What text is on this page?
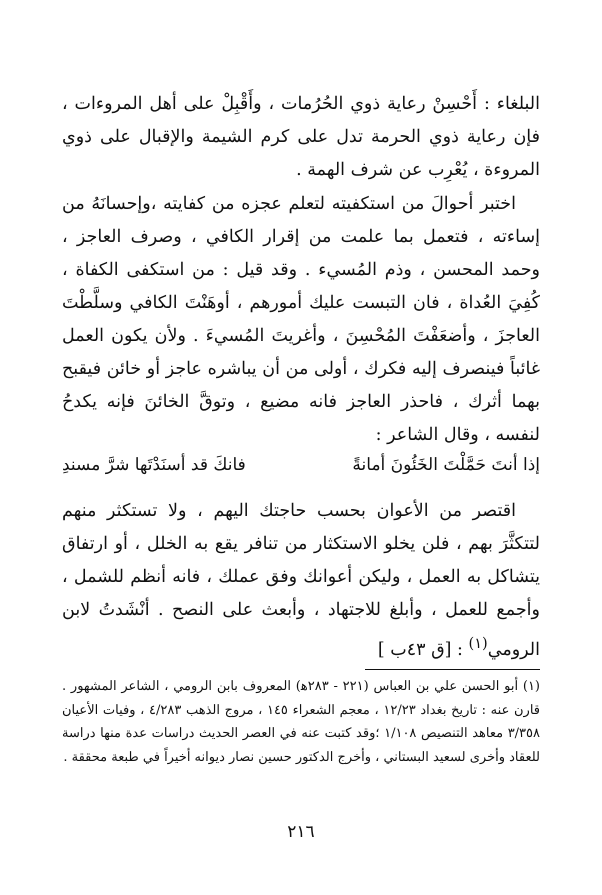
البلغاء : أَحْسِنْ رعاية ذوي الحُرُمات ، وأَقْبِلْ على أهل المروءات ، فإن رعاية ذوي الحرمة تدل على كرم الشيمة والإقبال على ذوي المروءة ، يُعْرِب عن شرف الهمة .

اختبر أحوالَ من استكفيته لتعلم عجزه من كفايته ،وإحسانَهُ من إساءته ، فتعمل بما علمت من إقرار الكافي ، وصرف العاجز ، وحمد المحسن ، وذم المُسيء . وقد قيل : من استكفى الكفاة ، كُفِيَ العُداة ، فان التبست عليك أمورهم ، أوهَنْتَ الكافي وسلَّطْتَ العاجزَ ، وأضعَفْتَ المُحْسِنَ ، وأغريتَ المُسيءَ . ولأن يكون العمل غائباً فينصرف إليه فكرك ، أولى من أن يباشره عاجز أو خائن فيقبح بهما أثرك ، فاحذر العاجز فانه مضيع ، وتوقَّ الخائنَ فإنه يكدحُ لنفسه ، وقال الشاعر :

إذا أنتَ حَمَّلْتَ الخَئُونَ أمانةً
فانكَ قد أسنَدْتَها شرَّ مسندِ

اقتصر من الأعوان بحسب حاجتك اليهم ، ولا تستكثر منهم لتتكثَّرَ بهم ، فلن يخلو الاستكثار من تنافر يقع به الخلل ، أو ارتفاق يتشاكل به العمل ، وليكن أعوانك وفق عملك ، فانه أنظم للشمل ، وأجمع للعمل ، وأبلغ للاجتهاد ، وأبعث على النصح . أنْشَدتُ لابن الرومي$^{(١)}$ : [ق ٤٣ب ]

(١) أبو الحسن علي بن العباس (٢٢١ - ٢٨٣ﻫ) المعروف بابن الرومي ، الشاعر المشهور . قارن عنه : تاريخ بغداد ١٢/٢٣ ، معجم الشعراء ١٤٥ ، مروج الذهب ٤/٢٨٣ ، وفيات الأعيان ٣/٣٥٨ معاهد التنصيص ١/١٠٨ ؛وقد كتبت عنه في العصر الحديث دراسات عدة منها دراسة للعقاد وأخرى لسعيد البستاني ، وأخرج الدكتور حسين نصار ديوانه أخيراً في طبعة محققة .

٢١٦
